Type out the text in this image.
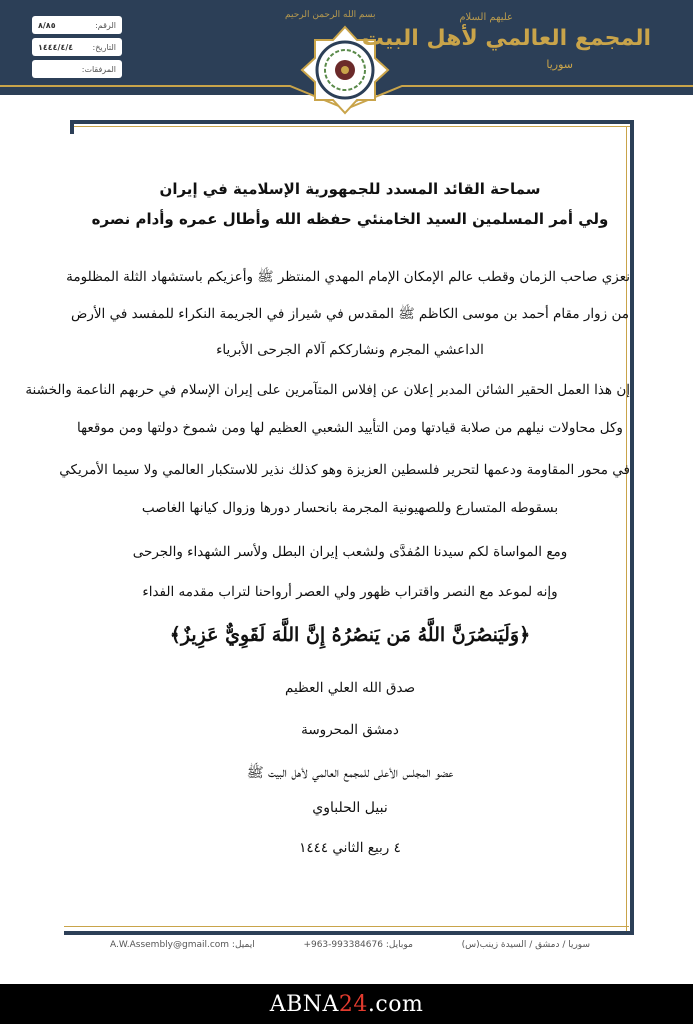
الرقم:
٨/٨٥
التاريخ:
١٤٤٤/٤/٤
المرفقات:
بسم الله الرحمن الرحيم	عليهم السلام
المجمع العالمي لأهل البيت
سوريا
سماحة القائد المسدد للجمهورية الإسلامية في إيران
ولي أمر المسلمين السيد الخامنئي حفظه الله وأطال عمره وأدام نصره
نعزي صاحب الزمان وقطب عالم الإمكان الإمام المهدي المنتظر ﷺ وأعزيكم باستشهاد الثلة المظلومة
من زوار مقام أحمد بن موسى الكاظم ﷺ المقدس في شيراز في الجريمة النكراء للمفسد في الأرض
الداعشي المجرم ونشارككم آلام الجرحى الأبرياء
إن هذا العمل الحقير الشائن المدبر إعلان عن إفلاس المتآمرين على إيران الإسلام في حربهم الناعمة والخشنة
وكل محاولات نيلهم من صلابة قيادتها ومن التأييد الشعبي العظيم لها ومن شموخ دولتها ومن موقعها
في محور المقاومة ودعمها لتحرير فلسطين العزيزة وهو كذلك نذير للاستكبار العالمي ولا سيما الأمريكي
بسقوطه المتسارع وللصهيونية المجرمة بانحسار دورها وزوال كيانها الغاصب
ومع المواساة لكم سيدنا المُفدَّى ولشعب إيران البطل ولأسر الشهداء والجرحى
وإنه لموعد مع النصر واقتراب ظهور ولي العصر أرواحنا لتراب مقدمه الفداء
﴿وَلَيَنصُرَنَّ اللَّهُ مَن يَنصُرُهُ إِنَّ اللَّهَ لَقَوِيٌّ عَزِيزٌ﴾
صدق الله العلي العظيم
دمشق المحروسة
عضو المجلس الأعلى للمجمع العالمي لأهل البيت ﷺ
نبيل الحلباوي
٤ ربيع الثاني ١٤٤٤
سوريا / دمشق / السيدة زينب(س)
موبايل: 993384676-963+
ايميل: A.W.Assembly@gmail.com
ABNA 24 .com
